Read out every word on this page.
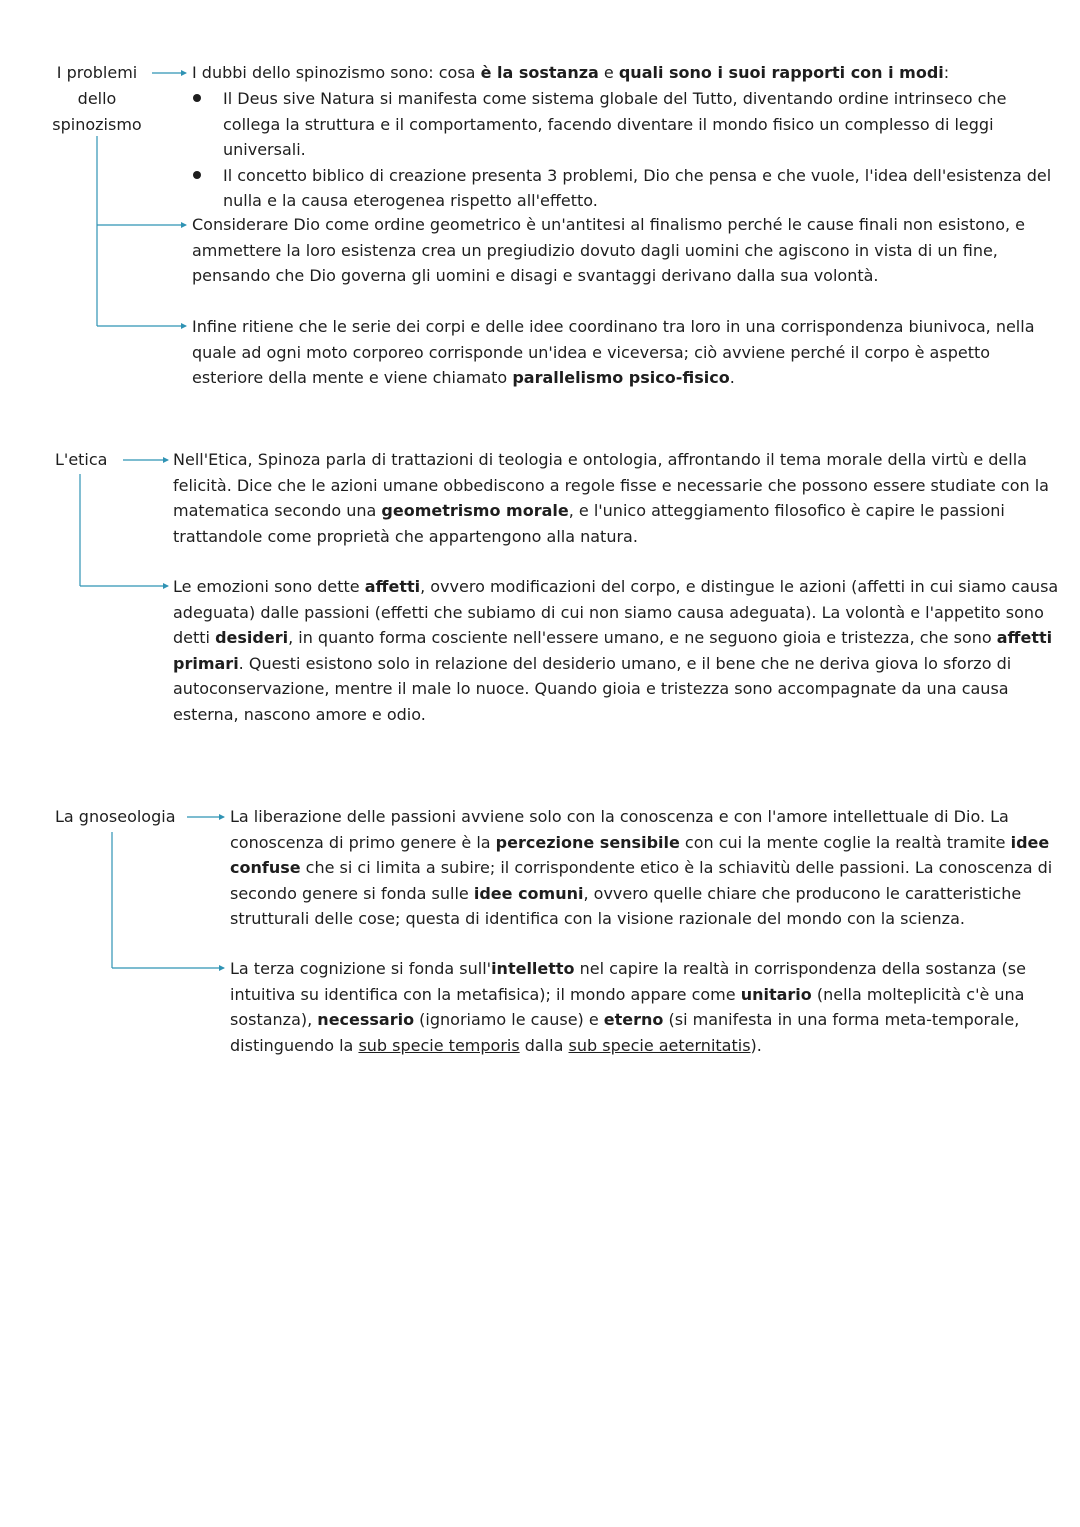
I problemi
dello
spinozismo

I dubbi dello spinozismo sono: cosa è la sostanza e quali sono i suoi rapporti con i modi:

Il Deus sive Natura si manifesta come sistema globale del Tutto, diventando ordine intrinseco che collega la struttura e il comportamento, facendo diventare il mondo fisico un complesso di leggi universali.
Il concetto biblico di creazione presenta 3 problemi, Dio che pensa e che vuole, l'idea dell'esistenza del nulla e la causa eterogenea rispetto all'effetto.

Considerare Dio come ordine geometrico è un'antitesi al finalismo perché le cause finali non esistono, e ammettere la loro esistenza crea un pregiudizio dovuto dagli uomini che agiscono in vista di un fine, pensando che Dio governa gli uomini e disagi e svantaggi derivano dalla sua volontà.

Infine ritiene che le serie dei corpi e delle idee coordinano tra loro in una corrispondenza biunivoca, nella quale ad ogni moto corporeo corrisponde un'idea e viceversa; ciò avviene perché il corpo è aspetto esteriore della mente e viene chiamato parallelismo psico-fisico.

L'etica	Nell'Etica, Spinoza parla di trattazioni di teologia e ontologia, affrontando il tema morale della virtù e della felicità. Dice che le azioni umane obbediscono a regole fisse e necessarie che possono essere studiate con la matematica secondo una geometrismo morale, e l'unico atteggiamento filosofico è capire le passioni trattandole come proprietà che appartengono alla natura.

Le emozioni sono dette affetti, ovvero modificazioni del corpo, e distingue le azioni (affetti in cui siamo causa adeguata) dalle passioni (effetti che subiamo di cui non siamo causa adeguata). La volontà e l'appetito sono detti desideri, in quanto forma cosciente nell'essere umano, e ne seguono gioia e tristezza, che sono affetti primari. Questi esistono solo in relazione del desiderio umano, e il bene che ne deriva giova lo sforzo di autoconservazione, mentre il male lo nuoce. Quando gioia e tristezza sono accompagnate da una causa esterna, nascono amore e odio.

La gnoseologia	La liberazione delle passioni avviene solo con la conoscenza e con l'amore intellettuale di Dio. La conoscenza di primo genere è la percezione sensibile con cui la mente coglie la realtà tramite idee confuse che si ci limita a subire; il corrispondente etico è la schiavitù delle passioni. La conoscenza di secondo genere si fonda sulle idee comuni, ovvero quelle chiare che producono le caratteristiche strutturali delle cose; questa di identifica con la visione razionale del mondo con la scienza.

La terza cognizione si fonda sull'intelletto nel capire la realtà in corrispondenza della sostanza (se intuitiva su identifica con la metafisica); il mondo appare come unitario (nella molteplicità c'è una sostanza), necessario (ignoriamo le cause) e eterno (si manifesta in una forma meta-temporale, distinguendo la sub specie temporis dalla sub specie aeternitatis).
